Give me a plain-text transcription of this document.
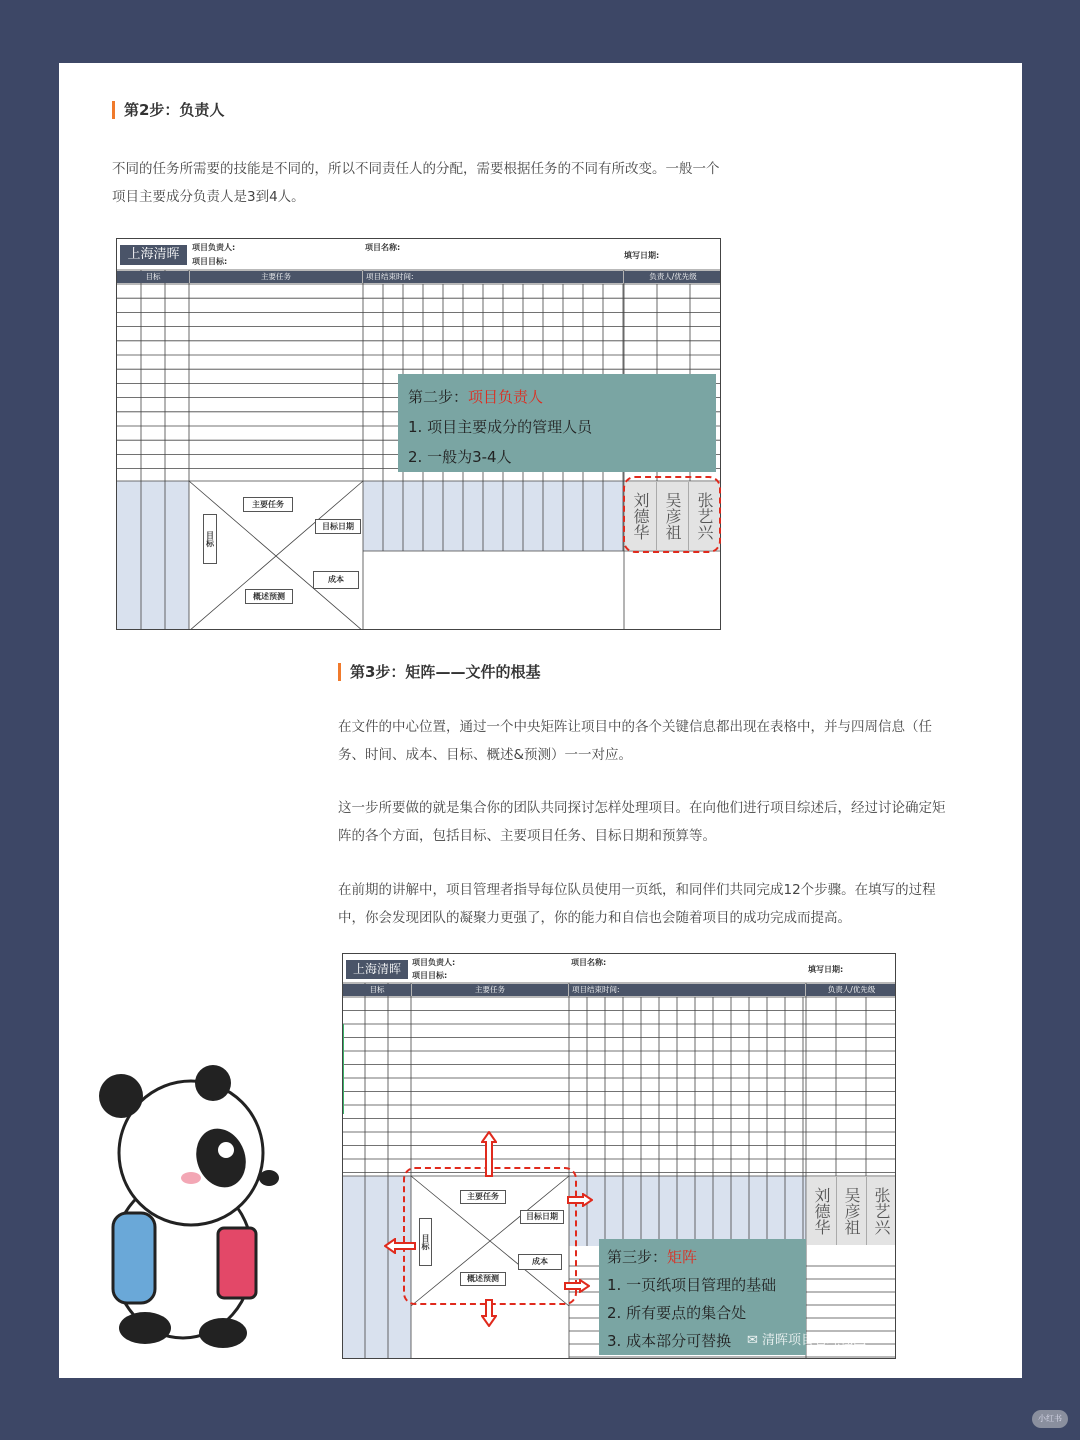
第2步：负责人
不同的任务所需要的技能是不同的，所以不同责任人的分配，需要根据任务的不同有所改变。一般一个
项目主要成分负责人是3到4人。
上海清晖	项目负责人:
项目目标:
项目名称:
填写日期:
目标	主要任务	项目结束时间:	负责人/优先级
主要任务
目标日期
目标
成本
概述预测
刘德华 吴彦祖 张艺兴
第二步：项目负责人
1. 项目主要成分的管理人员
2. 一般为3-4人
第3步：矩阵——文件的根基
在文件的中心位置，通过一个中央矩阵让项目中的各个关键信息都出现在表格中，并与四周信息（任
务、时间、成本、目标、概述&预测）一一对应。
这一步所要做的就是集合你的团队共同探讨怎样处理项目。在向他们进行项目综述后，经过讨论确定矩
阵的各个方面，包括目标、主要项目任务、目标日期和预算等。
在前期的讲解中，项目管理者指导每位队员使用一页纸，和同伴们共同完成12个步骤。在填写的过程
中，你会发现团队的凝聚力更强了，你的能力和自信也会随着项目的成功完成而提高。
上海清晖	项目负责人:
项目目标:
项目名称:
填写日期:
目标	主要任务	项目结束时间:	负责人/优先级
主要任务
目标日期
目标
成本
概述预测
刘德华 吴彦祖 张艺兴
第三步：矩阵
1. 一页纸项目管理的基础
2. 所有要点的集合处
3. 成本部分可替换	✉ 清晖项目管理社区
小红书
